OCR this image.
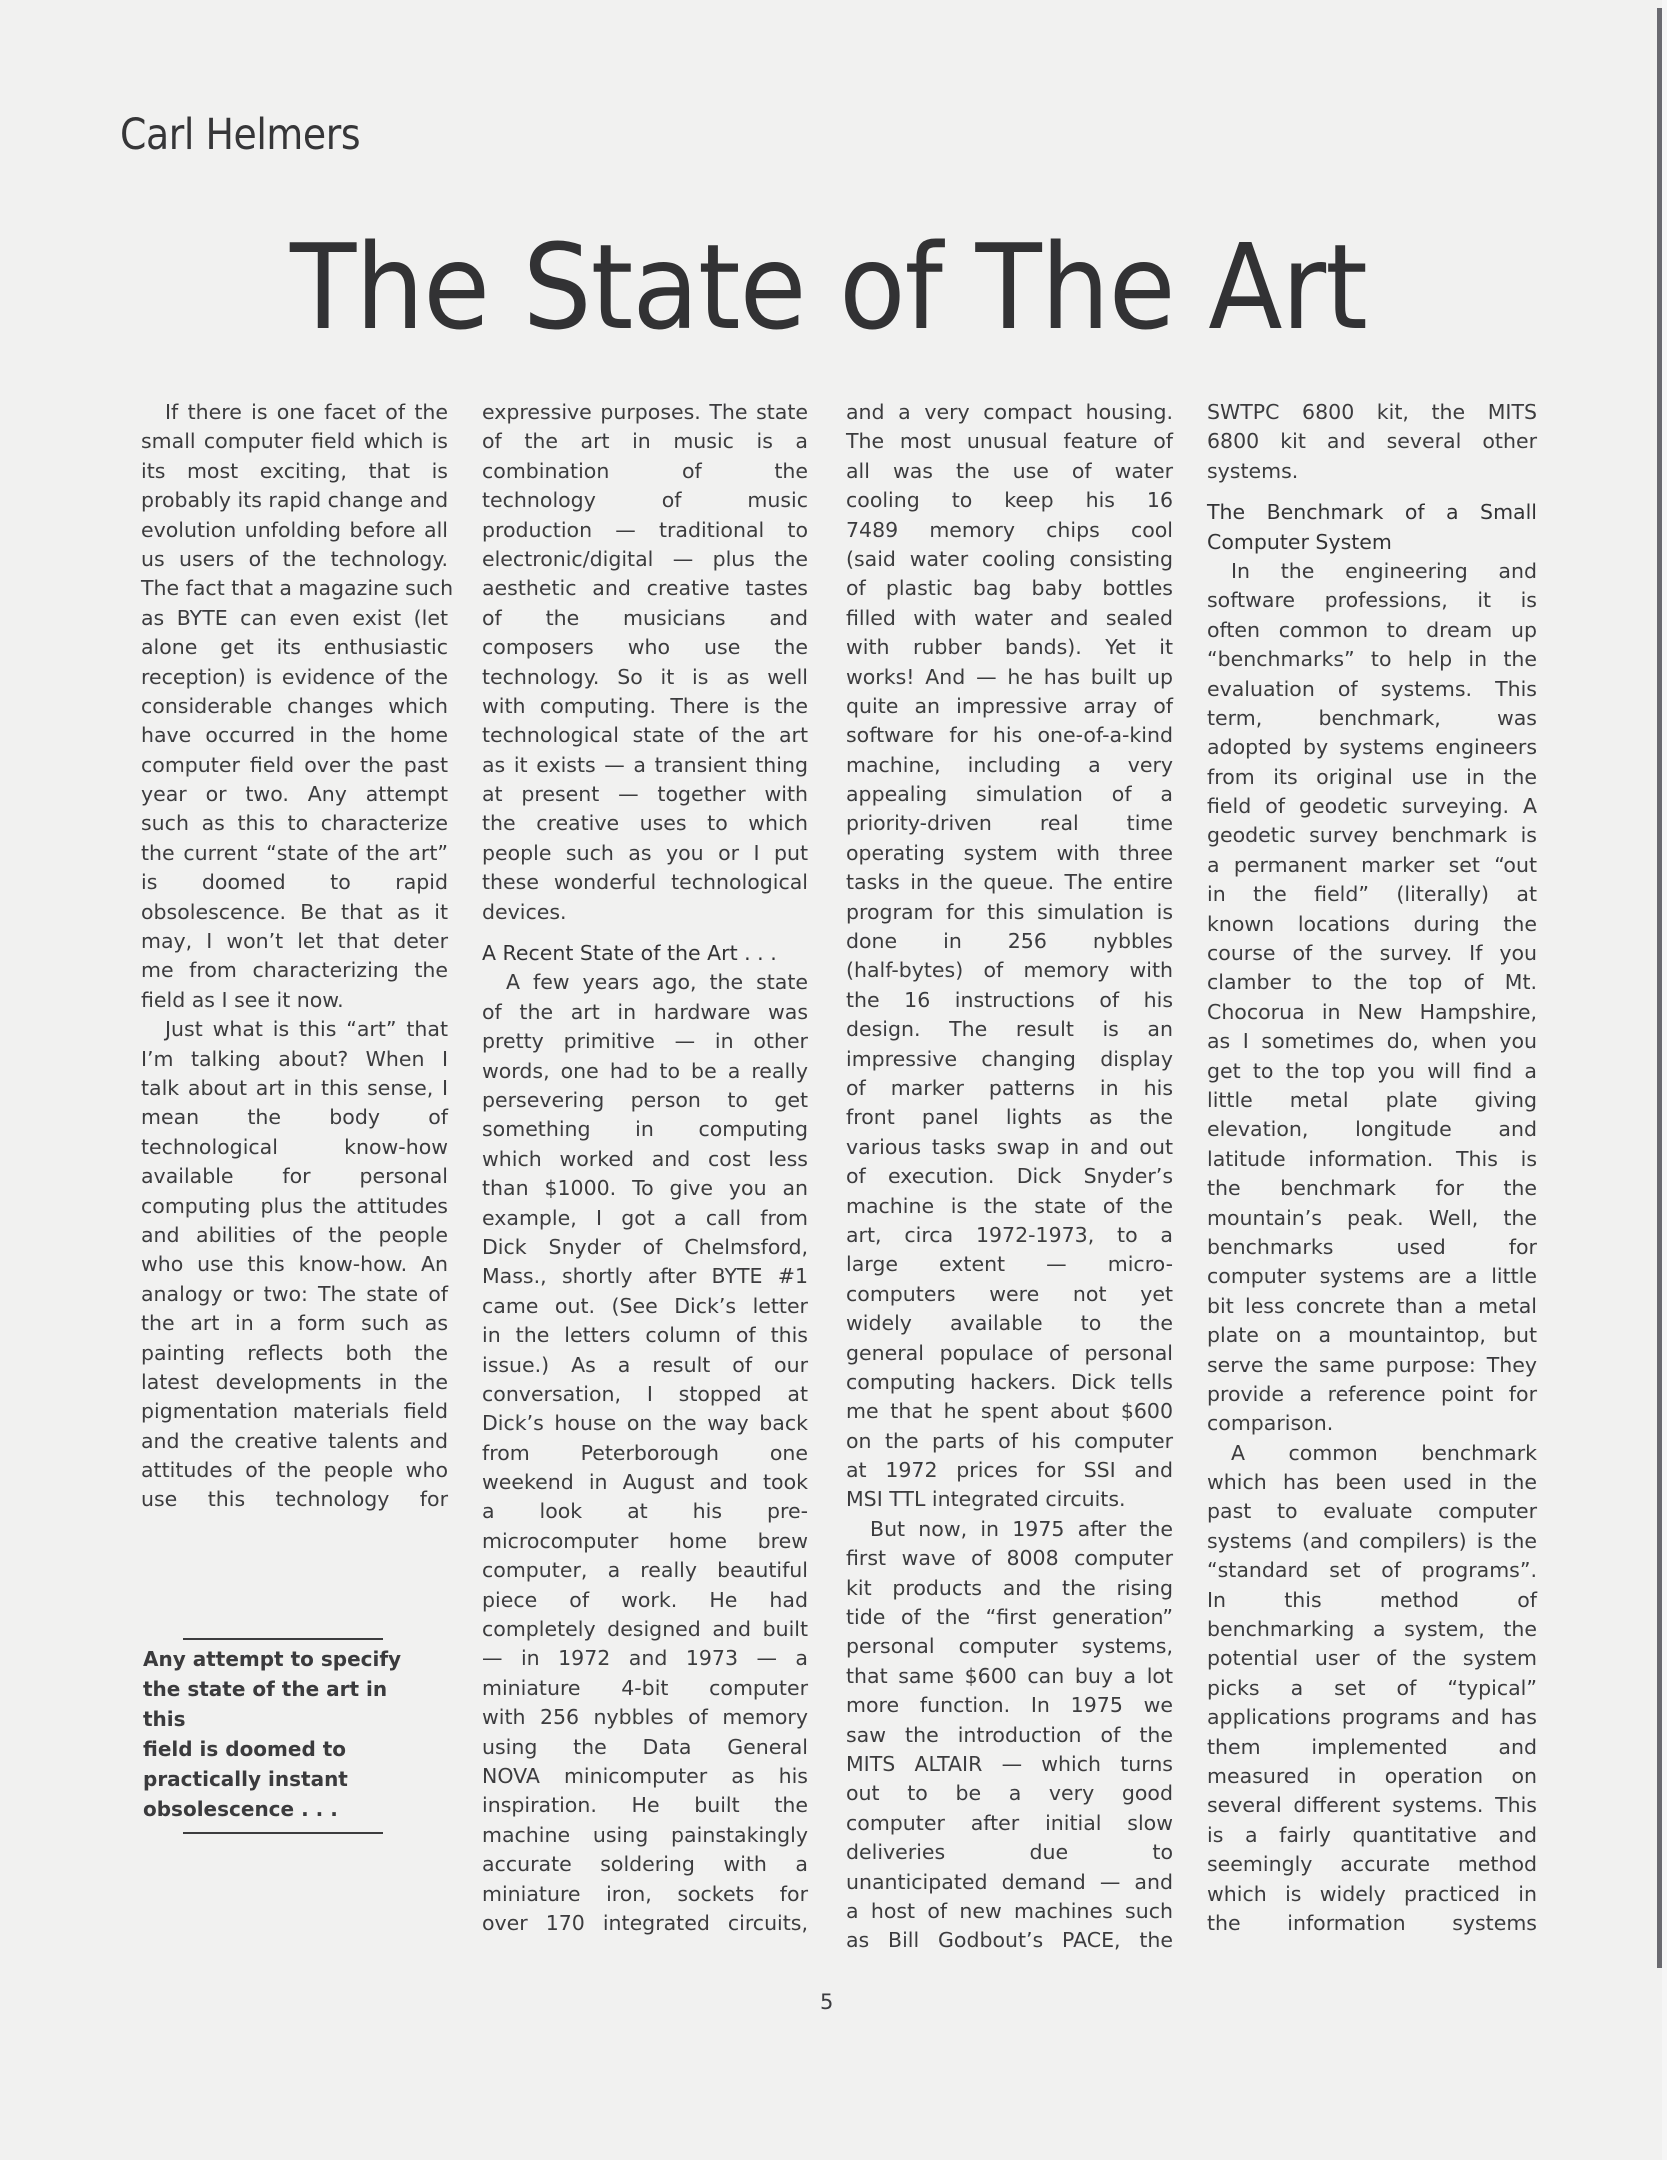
Carl Helmers
The State of The Art
If there is one facet of the
small computer field which is
its most exciting, that is
probably its rapid change and
evolution unfolding before all
us users of the technology.
The fact that a magazine such
as BYTE can even exist (let
alone get its enthusiastic
reception) is evidence of the
considerable changes which
have occurred in the home
computer field over the past
year or two. Any attempt
such as this to characterize
the current “state of the art”
is doomed to rapid
obsolescence. Be that as it
may, I won’t let that deter
me from characterizing the
field as I see it now.
Just what is this “art” that
I’m talking about? When I
talk about art in this sense, I
mean the body of
technological know-how
available for personal
computing plus the attitudes
and abilities of the people
who use this know-how. An
analogy or two: The state of
the art in a form such as
painting reflects both the
latest developments in the
pigmentation materials field
and the creative talents and
attitudes of the people who
use this technology for
expressive purposes. The state
of the art in music is a
combination of the
technology of music
production — traditional to
electronic/digital — plus the
aesthetic and creative tastes
of the musicians and
composers who use the
technology. So it is as well
with computing. There is the
technological state of the art
as it exists — a transient thing
at present — together with
the creative uses to which
people such as you or I put
these wonderful technological
devices.
A Recent State of the Art . . .
A few years ago, the state
of the art in hardware was
pretty primitive — in other
words, one had to be a really
persevering person to get
something in computing
which worked and cost less
than $1000. To give you an
example, I got a call from
Dick Snyder of Chelmsford,
Mass., shortly after BYTE #1
came out. (See Dick’s letter
in the letters column of this
issue.) As a result of our
conversation, I stopped at
Dick’s house on the way back
from Peterborough one
weekend in August and took
a look at his pre-
microcomputer home brew
computer, a really beautiful
piece of work. He had
completely designed and built
— in 1972 and 1973 — a
miniature 4-bit computer
with 256 nybbles of memory
using the Data General
NOVA minicomputer as his
inspiration. He built the
machine using painstakingly
accurate soldering with a
miniature iron, sockets for
over 170 integrated circuits,
and a very compact housing.
The most unusual feature of
all was the use of water
cooling to keep his 16
7489 memory chips cool
(said water cooling consisting
of plastic bag baby bottles
filled with water and sealed
with rubber bands). Yet it
works! And — he has built up
quite an impressive array of
software for his one-of-a-kind
machine, including a very
appealing simulation of a
priority-driven real time
operating system with three
tasks in the queue. The entire
program for this simulation is
done in 256 nybbles
(half-bytes) of memory with
the 16 instructions of his
design. The result is an
impressive changing display
of marker patterns in his
front panel lights as the
various tasks swap in and out
of execution. Dick Snyder’s
machine is the state of the
art, circa 1972-1973, to a
large extent — micro-
computers were not yet
widely available to the
general populace of personal
computing hackers. Dick tells
me that he spent about $600
on the parts of his computer
at 1972 prices for SSI and
MSI TTL integrated circuits.
But now, in 1975 after the
first wave of 8008 computer
kit products and the rising
tide of the “first generation”
personal computer systems,
that same $600 can buy a lot
more function. In 1975 we
saw the introduction of the
MITS ALTAIR — which turns
out to be a very good
computer after initial slow
deliveries due to
unanticipated demand — and
a host of new machines such
as Bill Godbout’s PACE, the
SWTPC 6800 kit, the MITS
6800 kit and several other
systems.
The Benchmark of a Small
Computer System
In the engineering and
software professions, it is
often common to dream up
“benchmarks” to help in the
evaluation of systems. This
term, benchmark, was
adopted by systems engineers
from its original use in the
field of geodetic surveying. A
geodetic survey benchmark is
a permanent marker set “out
in the field” (literally) at
known locations during the
course of the survey. If you
clamber to the top of Mt.
Chocorua in New Hampshire,
as I sometimes do, when you
get to the top you will find a
little metal plate giving
elevation, longitude and
latitude information. This is
the benchmark for the
mountain’s peak. Well, the
benchmarks used for
computer systems are a little
bit less concrete than a metal
plate on a mountaintop, but
serve the same purpose: They
provide a reference point for
comparison.
A common benchmark
which has been used in the
past to evaluate computer
systems (and compilers) is the
“standard set of programs”.
In this method of
benchmarking a system, the
potential user of the system
picks a set of “typical”
applications programs and has
them implemented and
measured in operation on
several different systems. This
is a fairly quantitative and
seemingly accurate method
which is widely practiced in
the information systems
Any attempt to specify
the state of the art in this
field is doomed to
practically instant
obsolescence . . .
5
